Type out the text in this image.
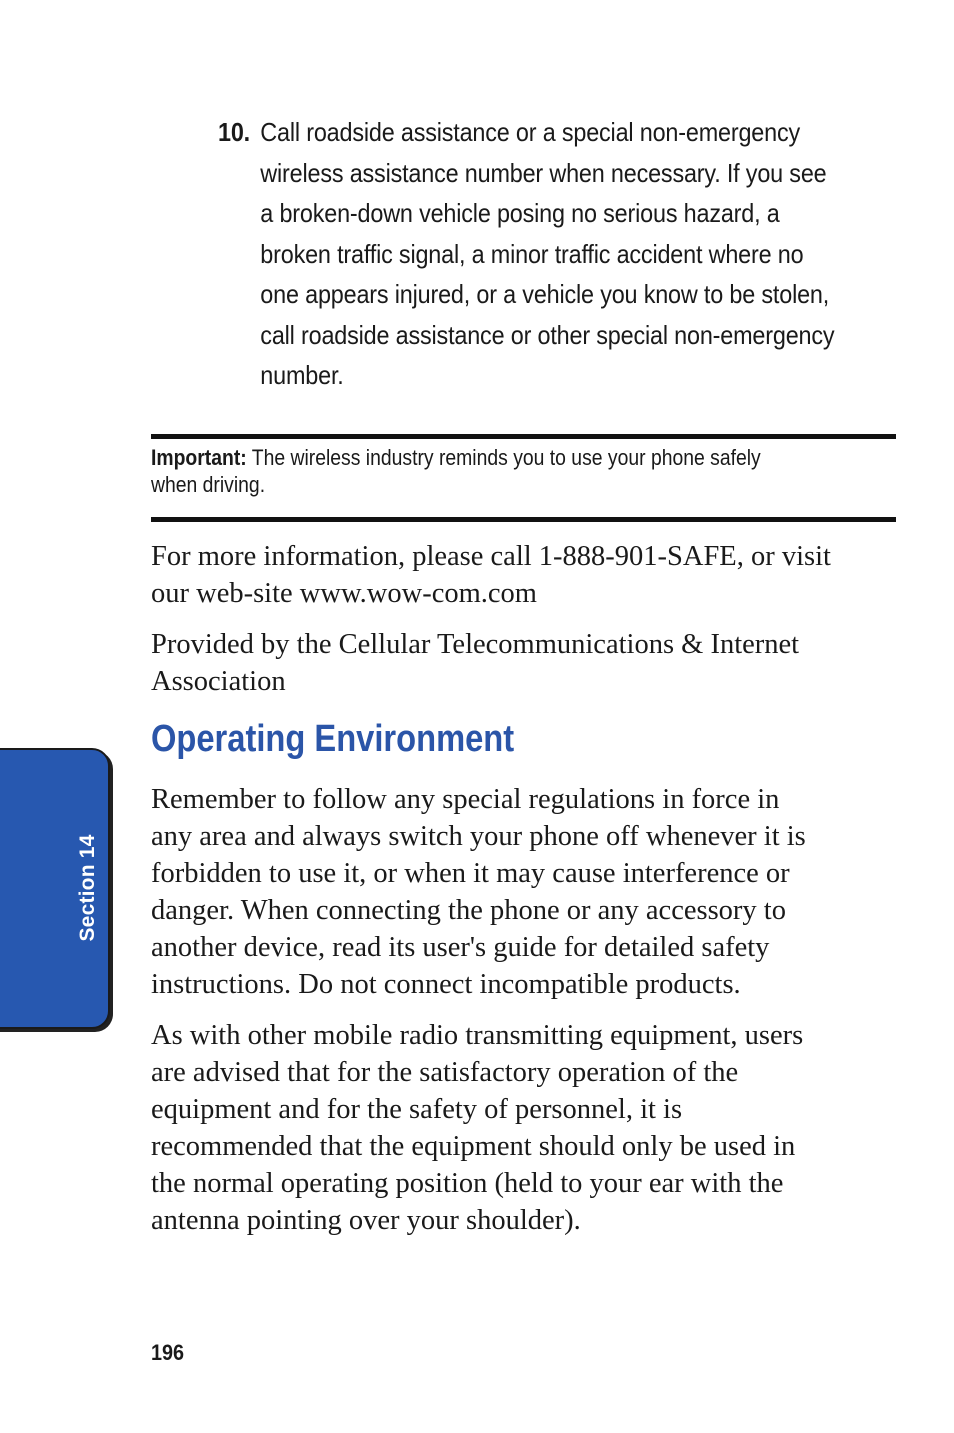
10. Call roadside assistance or a special non-emergency
wireless assistance number when necessary. If you see
a broken-down vehicle posing no serious hazard, a
broken traffic signal, a minor traffic accident where no
one appears injured, or a vehicle you know to be stolen,
call roadside assistance or other special non-emergency
number.
Important: The wireless industry reminds you to use your phone safely
when driving.
For more information, please call 1-888-901-SAFE, or visit
our web-site www.wow-com.com
Provided by the Cellular Telecommunications & Internet
Association
Operating Environment
Remember to follow any special regulations in force in
any area and always switch your phone off whenever it is
forbidden to use it, or when it may cause interference or
danger. When connecting the phone or any accessory to
another device, read its user's guide for detailed safety
instructions. Do not connect incompatible products.
As with other mobile radio transmitting equipment, users
are advised that for the satisfactory operation of the
equipment and for the safety of personnel, it is
recommended that the equipment should only be used in
the normal operating position (held to your ear with the
antenna pointing over your shoulder).
Section 14
196
